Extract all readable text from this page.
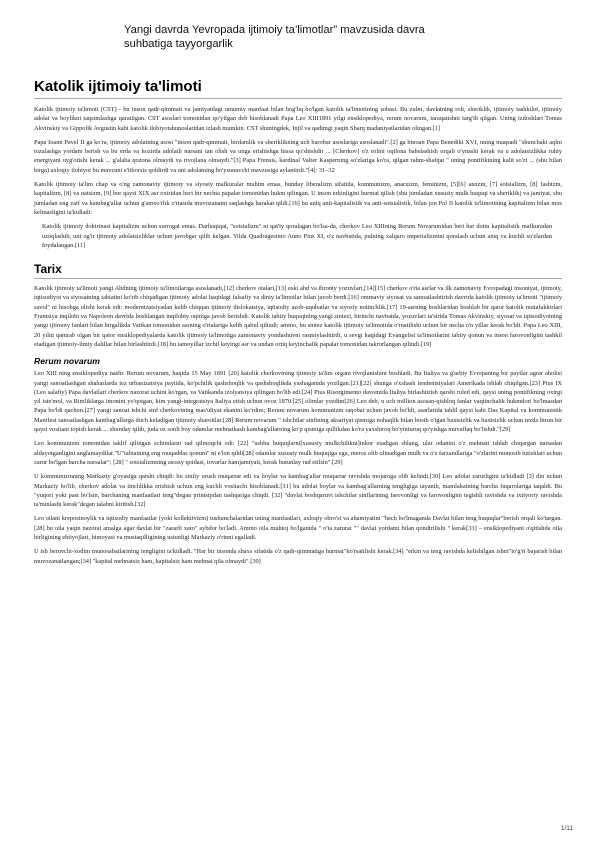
Yangi davrda Yevropada ijtimoiy ta’limotlar” mavzusida davra suhbatiga tayyorgarlik
Katolik ijtimoiy ta'limoti

Katolik ijtimoiy ta'limoti (CST) - bu inson qadr-qimmati va jamiyatdagi umumiy manfaat bilan bog'liq bo'lgan katolik ta'limotining sohasi. Bu zulm, davlatning roli, sheriklik, ijtimoiy tashkilot, ijtimoiy adolat va boylikni taqsimlashga qaratilgan. CST asoslari tomonidan qo'yilgan deb hisoblanadi Papa Leo XIII1891 yilgi ensiklopediya, rerum novarum, taraqatishni targ'ib qilgan. Uning izdoshlari Tomas Akvinskiy va Gippolik Avgustin kabi katolik ilohiyotshunoslaridan izlash mumkin. CST shuningdek, Injil va qadimgi yaqin Sharq madaniyatlaridan olingan.[1]

Papa Ioann Pavel II ga ko'ra, ijtimoiy adolatning asosi "inson qadr-qimmati, birdamlik va sheriklikning uch barobar asoslariga asoslanadi".[2] ga binoan Papa Benedikt XVI, uning maqsadi "shunchaki aqlni tozalashga yordam berish va bu erda va hozirda adolatli narsani tan olish va unga erishishga hissa qo'shishdir ... [Cherkov] o'z rolini oqilona bahslashish orqali o'ynashi kerak va u adolatsizlikka ruhiy energiyani uyg'otishi kerak ... g'alaba qozona olmaydi va rivojlana olmaydi."[3] Papa Frensis, kardinal Valter Kasperning so'zlariga ko'ra, qilgan rahm-shafqat " uning pontifikining kalit so'zi ... (shu bilan birga) axloqiy ilohiyot bu mavzuni e'tiborsiz qoldirdi va uni adolatning bo'ysunuvchi mavzusiga aylantirdi."[4]: 31–32

Katolik ijtimoiy ta'lim chap va o'ng zamonaviy ijtimoiy va siyosiy mafkuralar muhim emas, bunday liberalizm sifatida, kommunizm, anarxizm, feminizm, [5][6] ateizm, [7] sotsializm, [8] fashizm, kapitalizm, [8] va natsizm, [9] bor qaysi XIX asr oxiridan beri bir nechta papalar tomonidan hukm qilingan. U inson erkinligini hurmat qilish (shu jumladan xususiy mulk huquqi va sheriklik) va jamiyat, shu jumladan eng zaif va kambag'allar uchun g'amxo'rlik o'rtasida muvozanatni saqlashga harakat qildi.[16] bu aniq anti-kapitalistik va anti-sotsialistik, bilan jon Pol II katolik ta'limotining kapitalizm bilan mos kelmasligini ta'kidladi:

Katolik ijtimoiy doktrinasi kapitalizm uchun surrogat emas. Darhaqiqat, "sotsializm" ni qat'iy qoralagan bo'lsa-da, cherkov Leo XIIIning Rerum Novarumidan beri har doim kapitalistik mafkuradan uzoqlashib, uni og'ir ijtimoiy adolatsizliklar uchun javobgar qilib kelgan. Yilda Quadragesimo Anno Pius XI, o'z navbatida, pulning xalqaro imperializmini qoralash uchun aniq va kuchli so'zlardan foydalangan.[11]
Tarix

Katolik ijtimoiy ta'limoti yangi Ahdning ijtimoiy ta'limotlariga asoslanadi,[12] cherkov otalari,[13] eski ahd va ibroniy yozuvlari,[14][15] cherkov o'rta asrlar va ilk zamonaviy Evropadagi insoniyat, ijtimoiy, iqtisodiyot va siyosatning tabiatini ko'rib chiqadigan ijtimoiy adolat haqidagi falsafiy va diniy ta'limotlar bilan javob berdi.[16] ommaviy siyosat va sanoatlashtirish davrida katolik ijtimoiy ta'limoti "ijtimoiy savol" ni hisobga olishi kerak edi: modernizatsiyadan kelib chiqqan ijtimoiy dislokatsiya, iqtisodiy azob-uqubatlar va siyosiy notinchlik.[17] 19-asrning boshlaridan boshlab bir qator katolik mutafakkirlari Frantsiya inqilobi va Napoleon davrida boshlangan inqilobiy oqimga javob berishdi. Katolik tabiiy huquqining yangi sintezi, birinchi navbatda, yozuvlari ta'sirida Tomas Akvinskiy, siyosat va iqtisodiyotning yangi ijtimoiy fanlari bilan birgalikda Vatikan tomonidan asrning o'rtalariga kelib qabul qilindi; ammo, bu sintez katolik ijtimoiy ta'limotida o'rnatilishi uchun bir necha o'n yillar kerak bo'ldi. Papa Leo XIII, 20 yilni qamrab olgan bir qator ensiklopediyalarda katolik ijtimoiy ta'limotiga zamonaviy yondashuvni rasmiylashtirdi, u sevgi haqidagi Evangelist ta'limotlarini tabiiy qonun va inson farovonligini tashkil etadigan ijtimoiy-ilmiy dalillar bilan birlashtirdi.[18] bu tamoyillar izchil keyingi asr va undan ortiq keyinchalik papalar tomonidan takrorlangan qilindi.[19]

Rerum novarum

Leo XIII ning ensiklopediya nashr. Rerum novarum, haqida 15 May 1891 [20] katolik cherkovining ijtimoiy ta'lim organi rivojlanishini boshladi. Bu Italiya va g'arbiy Evropaning bir paytlar agrar aholisi yangi sanoatlashgan shaharlarda tez urbanizatsiya paytida, ko'pchilik qashshoqlik va qashshoqlikda yashaganida yozilgan.[21][22] shunga o'xshash tendentsiyalari Amerikada ishlab chiqilgan.[23] Pius IX (Leo salafiy) Papa davlatlari cherkov nazorat uchini ko'rgan, va Vatikanda izolyatsiya qilingan bo'lib edi.[24] Pius Risorgimento davomida Italiya birlashtirish qarshi ruled edi, qaysi uning pontifikning oxirgi yil iste'mol, va Rimliklarga imonini yo'qotgan, kim yangi-integratsiya Italiya etish uchun ovoz 1870.[25] olimlar yozdim[26] Leo deb, u uch million asosan-qishloq fanlar vaqtinchalik hukmdori bo'lmasdan Papa bo'ldi qachon.[27] yangi sanoat ishchi sinf cherkovining mas'uliyat ekanini ko'rdim; Rerum novarum kommunizm raqobat uchun javob bo'ldi, asarlarida tahlil qaysi kabi Das Kapital va kommunistik Manifest sanoatlashgan kambag'allarga duch keladigan ijtimoiy sharoitlar.[28] Rerum novarum " ishchilar sinfining aksariyat qismiga nohaqlik bilan bosib o'tgan baxtsizlik va baxtsizlik uchun tezda birun bir qaysi vositani topish kerak ... shunday qilib, juda oz sonli boy odamlar mehnatkash kambag'allarning ko'p qismiga qullikdan ko'ra yaxshiroq bo'yinturuq qo'yishga muvaffaq bo'lishdi."[29]

Leo kommunizm tomonidan taklif qilingan echimlarni rad qilmoqchi edi: [22] "ushbu huquqlarni[xususiy mulkchilikni]inkor etadigan shlang, ular odamni o'z mehnati ishlab chiqargan narsadan aldayotganligini anglamaydilar."U"tabiatning eng muqaddas qonuni" ni e'lon qildi[28] odamlar xususiy mulk huquqiga ega, meros olib olinadigan mulk va o'z farzandlariga "o'zlarini munosib tutishlari uchun zarur bo'lgan barcha narsalar"; [28] " sotsializmning asosiy qoidasi, tovarlar hamjamiyati, kerak butunlay rad etilsin".[29]

U kommunizmning Markaziy g'oyasiga qarshi chiqdi: bu sinfiy urush muqarrar edi va boylar va kambag'allar muqarrar ravishda mojaroga olib kelindi.[30] Leo adolat zarurligini ta'kidladi [3] din uchun Markaziy bo'lib, cherkov adolat va tinchlikka erishish uchun eng kuchli vositachi hisoblanadi.[31] bu adolat boylar va kambag'allarning tengligiga tayanib, mamlakatning barcha fuqarolariga taqaldi. Bu "yuqori yoki past bo'lsin, barchaning manfaatlari teng"degan printsipdan tashqariga chiqdi. [32] "davlat boshqaruvi ishchilar sinflarining farovonligi va farovonligini tegishli ravishda va ixtiyoriy ravishda ta'minlashi kerak"degan talabni kiritish.[32]

Leo oilani krepostnoylik va iqtisodiy manfaatlar (yoki kollektivizm) tushunchalaridan uning manfaatlari, axloqiy obro'si va ahamiyatini "hech bo'lmaganda Davlat bilan teng huquqlar"berish orqali ko'targan.[28] bu oila yaqin nazorat amalga agar davlat bir "zararli xato" aybdor bo'ladi. Ammo oila muhtoj bo'lganida " o'ta zarurat "" davlat yordami bilan qondirilishi " kerak[33] – ensiklopediyani o'qitishda oila birligining ehtiyojlari, himoyasi va mustaqilligining ustunligi Markaziy o'rinni egalladi.

U ish beruvchi-xodim munosabatlarining tengligini ta'kidladi. "Har bir insonda shaxs sifatida o'z qadr-qimmatiga hurmat"ko'rsatilishi kerak.[34] "erkin va teng ravishda kelishilgan ishni"to'g'ri bajarish bilan muvozanatlangan;[34] "kapital mehnatsiz ham, kapitalsiz ham mehnat qila olmaydi".[30]

1/11
